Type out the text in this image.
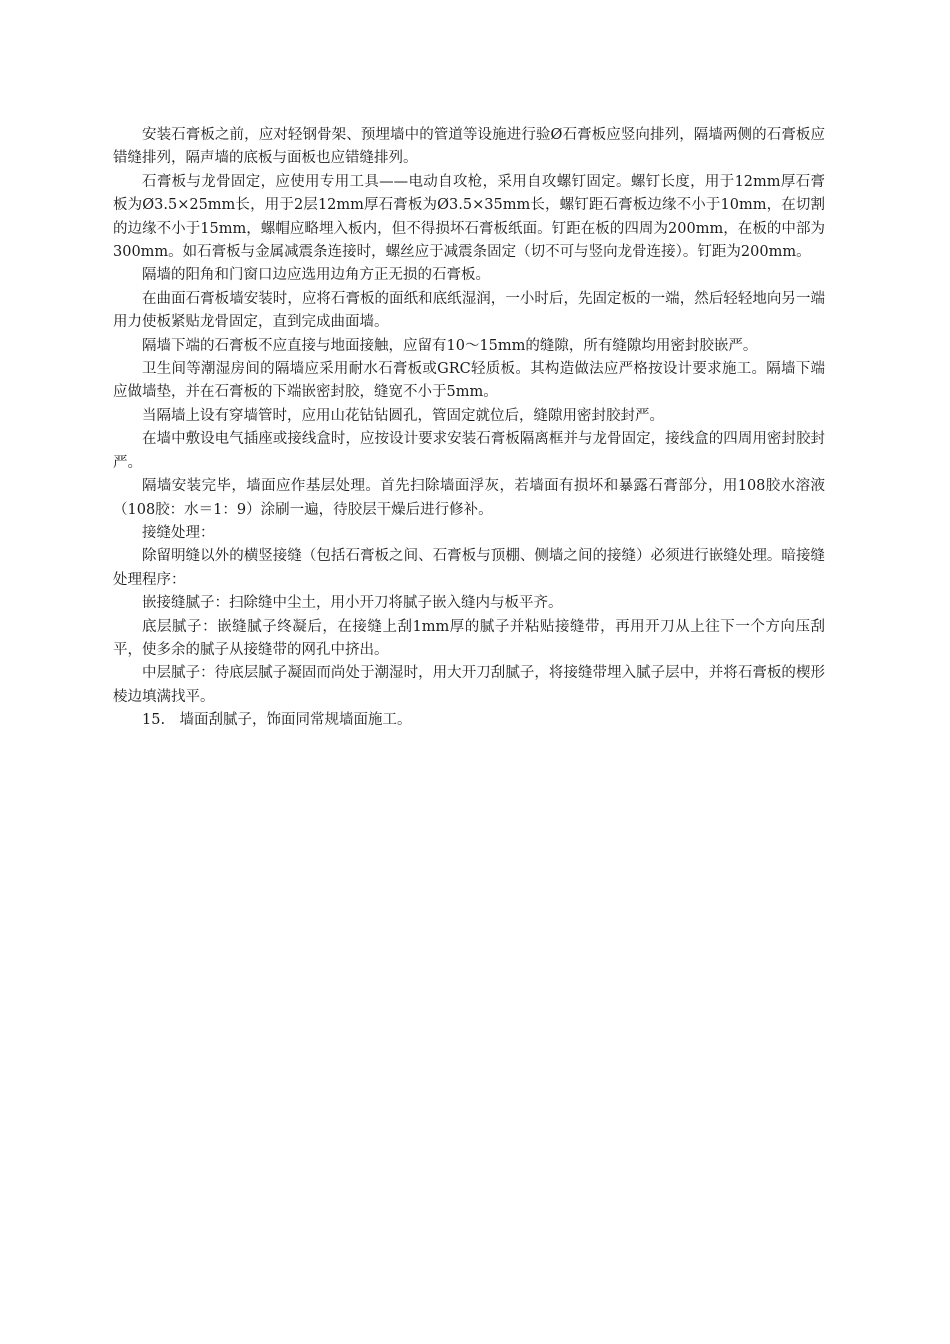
安装石膏板之前，应对轻钢骨架、预埋墙中的管道等设施进行验Ø石膏板应竖向排列，隔墙两侧的石膏板应错缝排列，隔声墙的底板与面板也应错缝排列。

石膏板与龙骨固定，应使用专用工具——电动自攻枪，采用自攻螺钉固定。螺钉长度，用于12mm厚石膏板为Ø3.5×25mm长，用于2层12mm厚石膏板为Ø3.5×35mm长，螺钉距石膏板边缘不小于10mm，在切割的边缘不小于15mm，螺帽应略埋入板内，但不得损坏石膏板纸面。钉距在板的四周为200mm，在板的中部为300mm。如石膏板与金属减震条连接时，螺丝应于减震条固定（切不可与竖向龙骨连接）。钉距为200mm。

隔墙的阳角和门窗口边应选用边角方正无损的石膏板。

在曲面石膏板墙安装时，应将石膏板的面纸和底纸湿润，一小时后，先固定板的一端，然后轻轻地向另一端用力使板紧贴龙骨固定，直到完成曲面墙。

隔墙下端的石膏板不应直接与地面接触，应留有10～15mm的缝隙，所有缝隙均用密封胶嵌严。

卫生间等潮湿房间的隔墙应采用耐水石膏板或GRC轻质板。其构造做法应严格按设计要求施工。隔墙下端应做墙垫，并在石膏板的下端嵌密封胶，缝宽不小于5mm。

当隔墙上设有穿墙管时，应用山花钻钻圆孔，管固定就位后，缝隙用密封胶封严。

在墙中敷设电气插座或接线盒时，应按设计要求安装石膏板隔离框并与龙骨固定，接线盒的四周用密封胶封严。

隔墙安装完毕，墙面应作基层处理。首先扫除墙面浮灰，若墙面有损坏和暴露石膏部分，用108胶水溶液（108胶：水＝1：9）涂刷一遍，待胶层干燥后进行修补。

接缝处理：

除留明缝以外的横竖接缝（包括石膏板之间、石膏板与顶棚、侧墙之间的接缝）必须进行嵌缝处理。暗接缝处理程序：

嵌接缝腻子：扫除缝中尘土，用小开刀将腻子嵌入缝内与板平齐。

底层腻子：嵌缝腻子终凝后，在接缝上刮1mm厚的腻子并粘贴接缝带，再用开刀从上往下一个方向压刮平，使多余的腻子从接缝带的网孔中挤出。

中层腻子：待底层腻子凝固而尚处于潮湿时，用大开刀刮腻子，将接缝带埋入腻子层中，并将石膏板的楔形棱边填满找平。

15.　墙面刮腻子，饰面同常规墙面施工。
